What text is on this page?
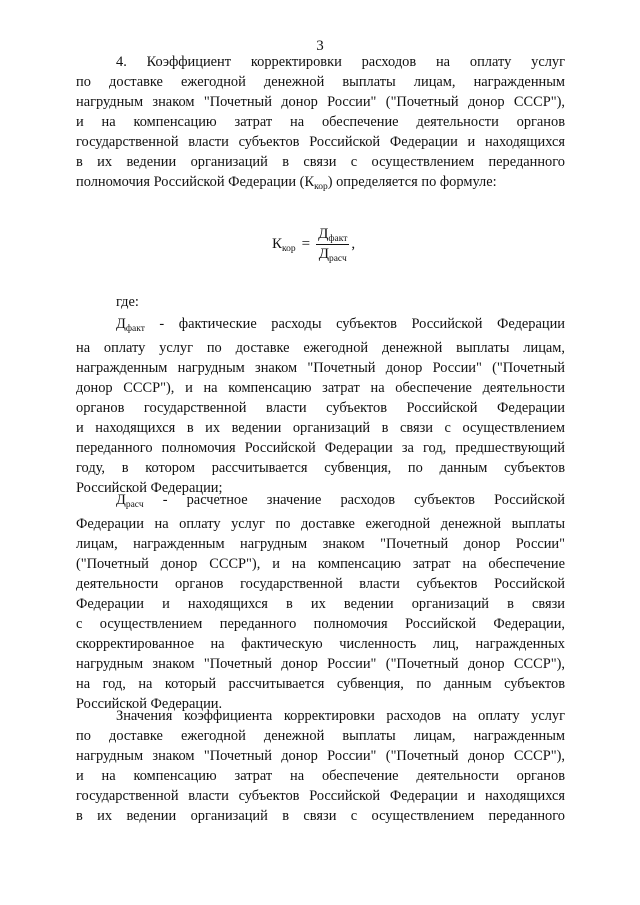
3
4. Коэффициент корректировки расходов на оплату услуг
по доставке ежегодной денежной выплаты лицам, награжденным
нагрудным знаком "Почетный донор России" ("Почетный донор СССР"),
и на компенсацию затрат на обеспечение деятельности органов
государственной власти субъектов Российской Федерации и находящихся
в их ведении организаций в связи с осуществлением переданного
полномочия Российской Федерации $(К_{кор})$ определяется по формуле:
$К_{кор} = \frac{Д_{факт}}{Д_{расч}}$ ,
где:
$Д_{факт}$ - фактические расходы субъектов Российской Федерации
на оплату услуг по доставке ежегодной денежной выплаты лицам,
награжденным нагрудным знаком "Почетный донор России" ("Почетный
донор СССР"), и на компенсацию затрат на обеспечение деятельности
органов государственной власти субъектов Российской Федерации
и находящихся в их ведении организаций в связи с осуществлением
переданного полномочия Российской Федерации за год, предшествующий
году, в котором рассчитывается субвенция, по данным субъектов
Российской Федерации;
$Д_{расч}$ - расчетное значение расходов субъектов Российской
Федерации на оплату услуг по доставке ежегодной денежной выплаты
лицам, награжденным нагрудным знаком "Почетный донор России"
("Почетный донор СССР"), и на компенсацию затрат на обеспечение
деятельности органов государственной власти субъектов Российской
Федерации и находящихся в их ведении организаций в связи
с осуществлением переданного полномочия Российской Федерации,
скорректированное на фактическую численность лиц, награжденных
нагрудным знаком "Почетный донор России" ("Почетный донор СССР"),
на год, на который рассчитывается субвенция, по данным субъектов
Российской Федерации.
Значения коэффициента корректировки расходов на оплату услуг
по доставке ежегодной денежной выплаты лицам, награжденным
нагрудным знаком "Почетный донор России" ("Почетный донор СССР"),
и на компенсацию затрат на обеспечение деятельности органов
государственной власти субъектов Российской Федерации и находящихся
в их ведении организаций в связи с осуществлением переданного
